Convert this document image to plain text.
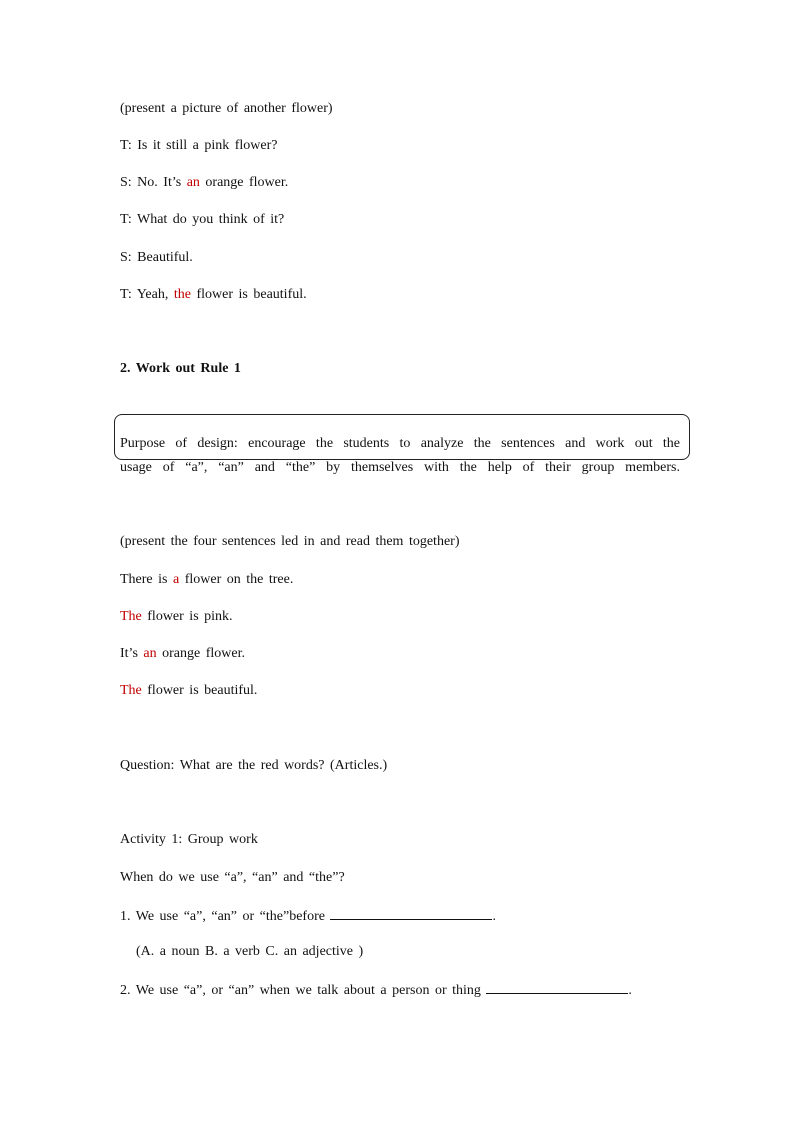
(present a picture of another flower)
T: Is it still a pink flower?
S: No. It’s an orange flower.
T: What do you think of it?
S: Beautiful.
T: Yeah, the flower is beautiful.
2. Work out Rule 1
Purpose of design: encourage the students to analyze the sentences and work out the
usage of “a”, “an” and “the” by themselves with the help of their group members.
(present the four sentences led in and read them together)
There is a flower on the tree.
The flower is pink.
It’s an orange flower.
The flower is beautiful.
Question: What are the red words? (Articles.)
Activity 1: Group work
When do we use “a”, “an” and “the”?
1. We use “a”, “an” or “the”before	.
(A. a noun B. a verb C. an adjective )
2. We use “a”, or “an” when we talk about a person or thing	.
